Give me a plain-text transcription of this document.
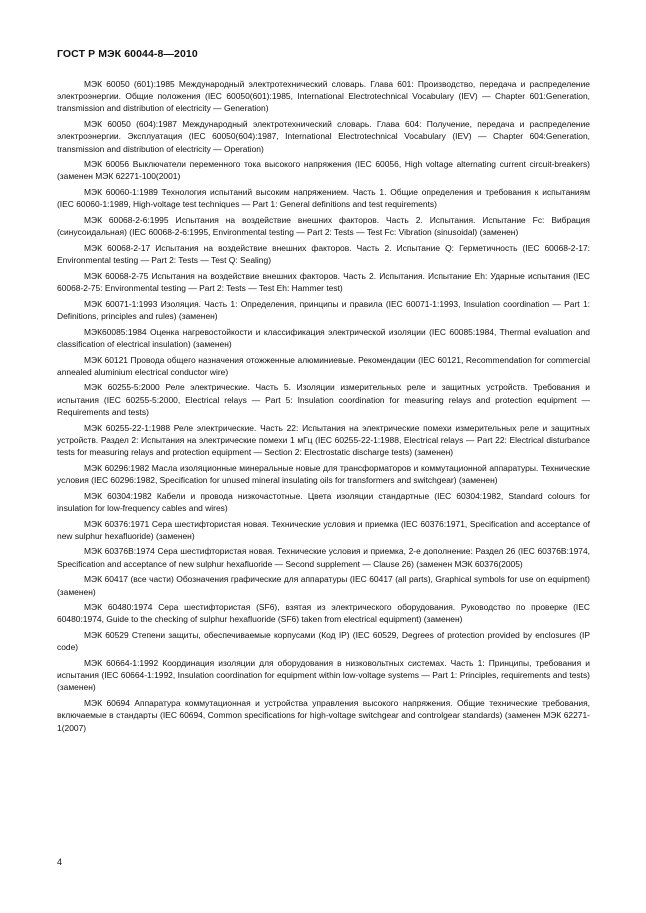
ГОСТ Р МЭК 60044-8—2010

МЭК 60050 (601):1985 Международный электротехнический словарь. Глава 601: Производство, передача и распределение электроэнергии. Общие положения (IEC 60050(601):1985, International Electrotechnical Vocabulary (IEV) — Chapter 601:Generation, transmission and distribution of electricity — Generation)

МЭК 60050 (604):1987 Международный электротехнический словарь. Глава 604: Получение, передача и распределение электроэнергии. Эксплуатация (IEC 60050(604):1987, International Electrotechnical Vocabulary (IEV) — Chapter 604:Generation, transmission and distribution of electricity — Operation)

МЭК 60056 Выключатели переменного тока высокого напряжения (IEC 60056, High voltage alternating current circuit-breakers) (заменен МЭК 62271-100(2001)

МЭК 60060-1:1989 Технология испытаний высоким напряжением. Часть 1. Общие определения и требования к испытаниям (IEC 60060-1:1989, High-voltage test techniques — Part 1: General definitions and test requirements)

МЭК 60068-2-6:1995 Испытания на воздействие внешних факторов. Часть 2. Испытания. Испытание Fc: Вибрация (синусоидальная) (IEC 60068-2-6:1995, Environmental testing — Part 2: Tests — Test Fc: Vibration (sinusoidal) (заменен)

МЭК 60068-2-17 Испытания на воздействие внешних факторов. Часть 2. Испытание Q: Герметичность (IEC 60068-2-17: Environmental testing — Part 2: Tests — Test Q: Sealing)

МЭК 60068-2-75 Испытания на воздействие внешних факторов. Часть 2. Испытания. Испытание Eh: Ударные испытания (IEC 60068-2-75: Environmental testing — Part 2: Tests — Test Eh: Hammer test)

МЭК 60071-1:1993 Изоляция. Часть 1: Определения, принципы и правила (IEC 60071-1:1993, Insulation coordination — Part 1: Definitions, principles and rules) (заменен)

МЭК60085:1984 Оценка нагревостойкости и классификация электрической изоляции (IEC 60085:1984, Thermal evaluation and classification of electrical insulation) (заменен)

МЭК 60121 Провода общего назначения отожженные алюминиевые. Рекомендации (IEC 60121, Recommendation for commercial annealed aluminium electrical conductor wire)

МЭК 60255-5:2000 Реле электрические. Часть 5. Изоляции измерительных реле и защитных устройств. Требования и испытания (IEC 60255-5:2000, Electrical relays — Part 5: Insulation coordination for measuring relays and protection equipment — Requirements and tests)

МЭК 60255-22-1:1988 Реле электрические. Часть 22: Испытания на электрические помехи измерительных реле и защитных устройств. Раздел 2: Испытания на электрические помехи 1 мГц (IEC 60255-22-1:1988, Electrical relays — Part 22: Electrical disturbance tests for measuring relays and protection equipment — Section 2: Electrostatic discharge tests) (заменен)

МЭК 60296:1982 Масла изоляционные минеральные новые для трансформаторов и коммутационной аппаратуры. Технические условия (IEC 60296:1982, Specification for unused mineral insulating oils for transformers and switchgear) (заменен)

МЭК 60304:1982 Кабели и провода низкочастотные. Цвета изоляции стандартные (IEC 60304:1982, Standard colours for insulation for low-frequency cables and wires)

МЭК 60376:1971 Сера шестифтористая новая. Технические условия и приемка (IEC 60376:1971, Specification and acceptance of new sulphur hexafluoride) (заменен)

МЭК 60376B:1974 Сера шестифтористая новая. Технические условия и приемка, 2-е дополнение: Раздел 26 (IEC 60376B:1974, Specification and acceptance of new sulphur hexafluoride — Second supplement — Clause 26) (заменен МЭК 60376(2005)

МЭК 60417 (все части) Обозначения графические для аппаратуры (IEC 60417 (all parts), Graphical symbols for use on equipment) (заменен)

МЭК 60480:1974 Сера шестифтористая (SF6), взятая из электрического оборудования. Руководство по проверке (IEC 60480:1974, Guide to the checking of sulphur hexafluoride (SF6) taken from electrical equipment) (заменен)

МЭК 60529 Степени защиты, обеспечиваемые корпусами (Код IP) (IEC 60529, Degrees of protection provided by enclosures (IP code)

МЭК 60664-1:1992 Координация изоляции для оборудования в низковольтных системах. Часть 1: Принципы, требования и испытания (IEC 60664-1:1992, Insulation coordination for equipment within low-voltage systems — Part 1: Principles, requirements and tests) (заменен)

МЭК 60694 Аппаратура коммутационная и устройства управления высокого напряжения. Общие технические требования, включаемые в стандарты (IEC 60694, Common specifications for high-voltage switchgear and controlgear standards) (заменен МЭК 62271-1(2007)

4
